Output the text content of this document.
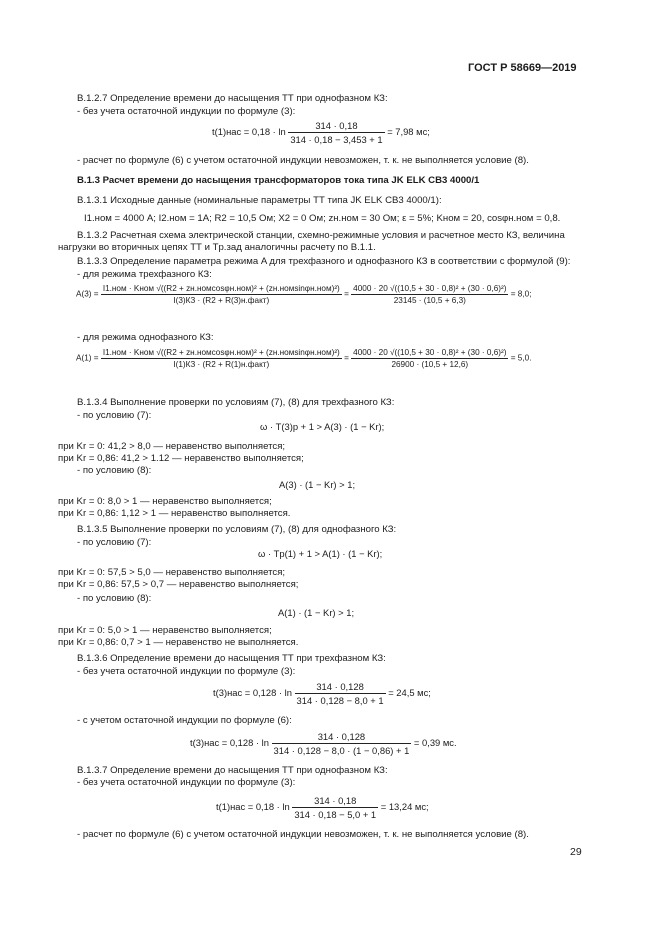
ГОСТ Р 58669—2019
В.1.2.7 Определение времени до насыщения ТТ при однофазном КЗ:
- без учета остаточной индукции по формуле (3):
$t(1)нас = 0,18 \cdot \ln \frac{314 \cdot 0,18}{314 \cdot 0,18 - 3,453 + 1} = 7,98$ мс;
- расчет по формуле (6) с учетом остаточной индукции невозможен, т. к. не выполняется условие (8).
В.1.3 Расчет времени до насыщения трансформаторов тока типа JK ELK CB3 4000/1
В.1.3.1 Исходные данные (номинальные параметры ТТ типа JK ELK CB3 4000/1):
I1.ном = 4000 А; I2.ном = 1А; R2 = 10,5 Ом; X2 = 0 Ом; zн.ном = 30 Ом; ε = 5%; Kном = 20, cosφн.ном = 0,8.
В.1.3.2 Расчетная схема электрической станции, схемно-режимные условия и расчетное место КЗ, величина
нагрузки во вторичных цепях ТТ и Tр.зад аналогичны расчету по В.1.1.
В.1.3.3 Определение параметра режима A для трехфазного и однофазного КЗ в соответствии с формулой (9):
- для режима трехфазного КЗ:
A(3) =
I1.ном · Kном √((R2 + zн.номcosφн.ном)² + (zн.номsinφн.ном)²)
I(3)КЗ · (R2 + R(3)н.факт)
= $\frac{\text{4000 · 20 √((10,5 + 30 · 0,8)² + (30 · 0,6)²)}}{23145 \cdot (10,5 + 6,3)} = 8,0$;
- для режима однофазного КЗ:
A(1) =
I1.ном · Kном √((R2 + zн.номcosφн.ном)² + (zн.номsinφн.ном)²)
I(1)КЗ · (R2 + R(1)н.факт)
= $\frac{\text{4000 · 20 √((10,5 + 30 · 0,8)² + (30 · 0,6)²)}}{26900 \cdot (10,5 + 12,6)} = 5,0$.
В.1.3.4 Выполнение проверки по условиям (7), (8) для трехфазного КЗ:
- по условию (7):
ω · T(3)p + 1 > A(3) · (1 − Kr);
при Kr = 0: 41,2 > 8,0 — неравенство выполняется;
при Kr = 0,86: 41,2 > 1.12 — неравенство выполняется;
- по условию (8):
A(3) · (1 − Kr) > 1;
при Kr = 0: 8,0 > 1 — неравенство выполняется;
при Kr = 0,86: 1,12 > 1 — неравенство выполняется.
В.1.3.5 Выполнение проверки по условиям (7), (8) для однофазного КЗ:
- по условию (7):
ω · Tp(1) + 1 > A(1) · (1 − Kr);
при Kr = 0: 57,5 > 5,0 — неравенство выполняется;
при Kr = 0,86: 57,5 > 0,7 — неравенство выполняется;
- по условию (8):
A(1) · (1 − Kr) > 1;
при Kr = 0: 5,0 > 1 — неравенство выполняется;
при Kr = 0,86: 0,7 > 1 — неравенство не выполняется.
В.1.3.6 Определение времени до насыщения ТТ при трехфазном КЗ:
- без учета остаточной индукции по формуле (3):
$t(3)нас = 0,128 \cdot \ln \frac{314 \cdot 0,128}{314 \cdot 0,128 - 8,0 + 1} = 24,5$ мс;
- с учетом остаточной индукции по формуле (6):
$t(3)нас = 0,128 \cdot \ln \frac{314 \cdot 0,128}{314 \cdot 0,128 - 8,0 \cdot (1 - 0,86) + 1} = 0,39$ мс.
В.1.3.7 Определение времени до насыщения ТТ при однофазном КЗ:
- без учета остаточной индукции по формуле (3):
$t(1)нас = 0,18 \cdot \ln \frac{314 \cdot 0,18}{314 \cdot 0,18 - 5,0 + 1} = 13,24$ мс;
- расчет по формуле (6) с учетом остаточной индукции невозможен, т. к. не выполняется условие (8).
29
